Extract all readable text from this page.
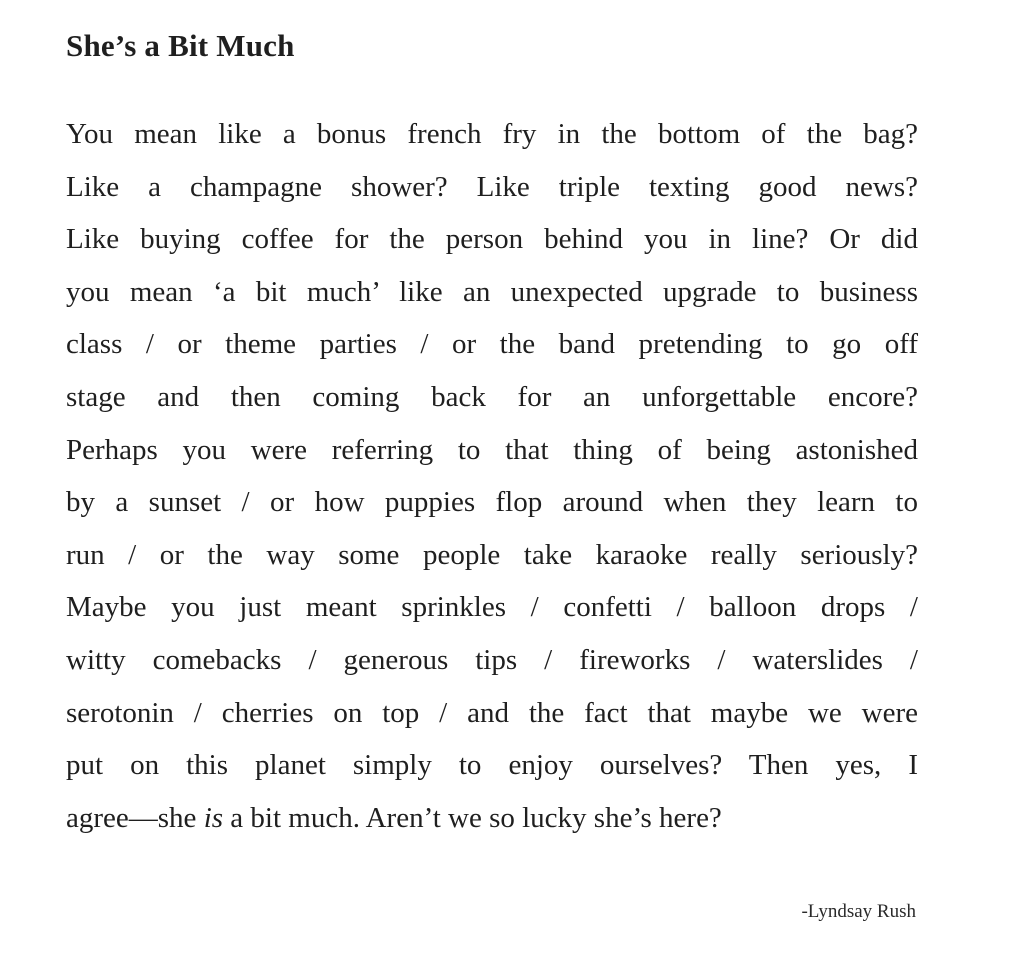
She’s a Bit Much
You mean like a bonus french fry in the bottom of the bag?
Like a champagne shower? Like triple texting good news?
Like buying coffee for the person behind you in line? Or did
you mean ‘a bit much’ like an unexpected upgrade to business
class / or theme parties / or the band pretending to go off
stage and then coming back for an unforgettable encore?
Perhaps you were referring to that thing of being astonished
by a sunset / or how puppies flop around when they learn to
run / or the way some people take karaoke really seriously?
Maybe you just meant sprinkles / confetti / balloon drops /
witty comebacks / generous tips / fireworks / waterslides /
serotonin / cherries on top / and the fact that maybe we were
put on this planet simply to enjoy ourselves? Then yes, I
agree—she is a bit much. Aren’t we so lucky she’s here?

-Lyndsay Rush
